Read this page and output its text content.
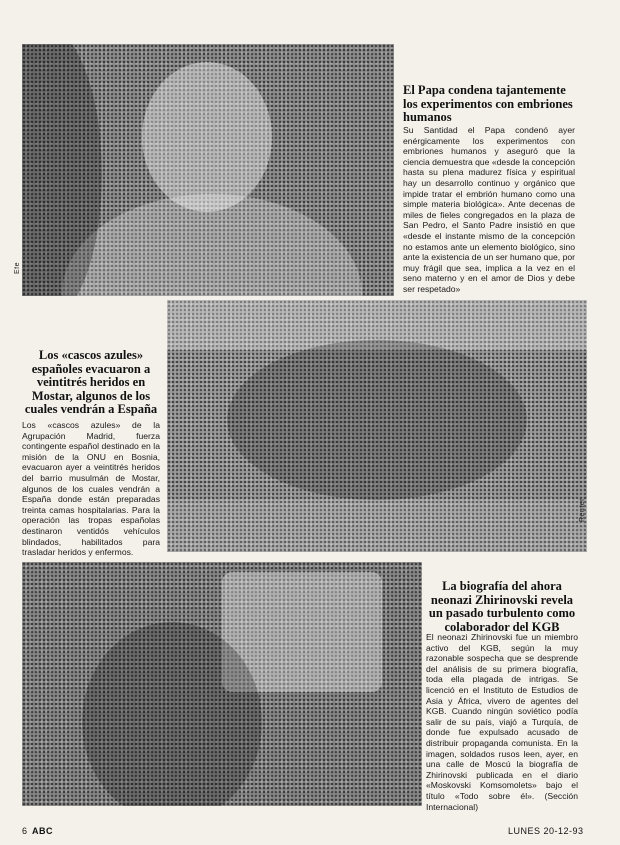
Efe
El Papa condena tajantemente los experimentos con embriones humanos

Su Santidad el Papa condenó ayer enérgicamente los experimentos con embriones humanos y aseguró que la ciencia demuestra que «desde la concepción hasta su plena madurez física y espiritual hay un desarrollo continuo y orgánico que impide tratar el embrión humano como una simple materia biológica». Ante decenas de miles de fieles congregados en la plaza de San Pedro, el Santo Padre insistió en que «desde el instante mismo de la concepción no estamos ante un elemento biológico, sino ante la existencia de un ser humano que, por muy frágil que sea, implica a la vez en el seno materno y en el amor de Dios y debe ser respetado»

Los «cascos azules» españoles evacuaron a veintitrés heridos en Mostar, algunos de los cuales vendrán a España

Los «cascos azules» de la Agrupación Madrid, fuerza contingente español destinado en la misión de la ONU en Bosnia, evacuaron ayer a veintitrés heridos del barrio musulmán de Mostar, algunos de los cuales vendrán a España donde están preparadas treinta camas hospitalarias. Para la operación las tropas españolas destinaron ventidós vehículos blindados, habilitados para trasladar heridos y enfermos.

Reuter
La biografía del ahora neonazi Zhirinovski revela un pasado turbulento como colaborador del KGB

El neonazi Zhirinovski fue un miembro activo del KGB, según la muy razonable sospecha que se desprende del análisis de su primera biografía, toda ella plagada de intrigas. Se licenció en el Instituto de Estudios de Asia y África, vivero de agentes del KGB. Cuando ningún soviético podía salir de su país, viajó a Turquía, de donde fue expulsado acusado de distribuir propaganda comunista. En la imagen, soldados rusos leen, ayer, en una calle de Moscú la biografía de Zhirinovski publicada en el diario «Moskovski Komsomolets» bajo el título «Todo sobre él». (Sección Internacional)

6 ABC	LUNES 20-12-93
